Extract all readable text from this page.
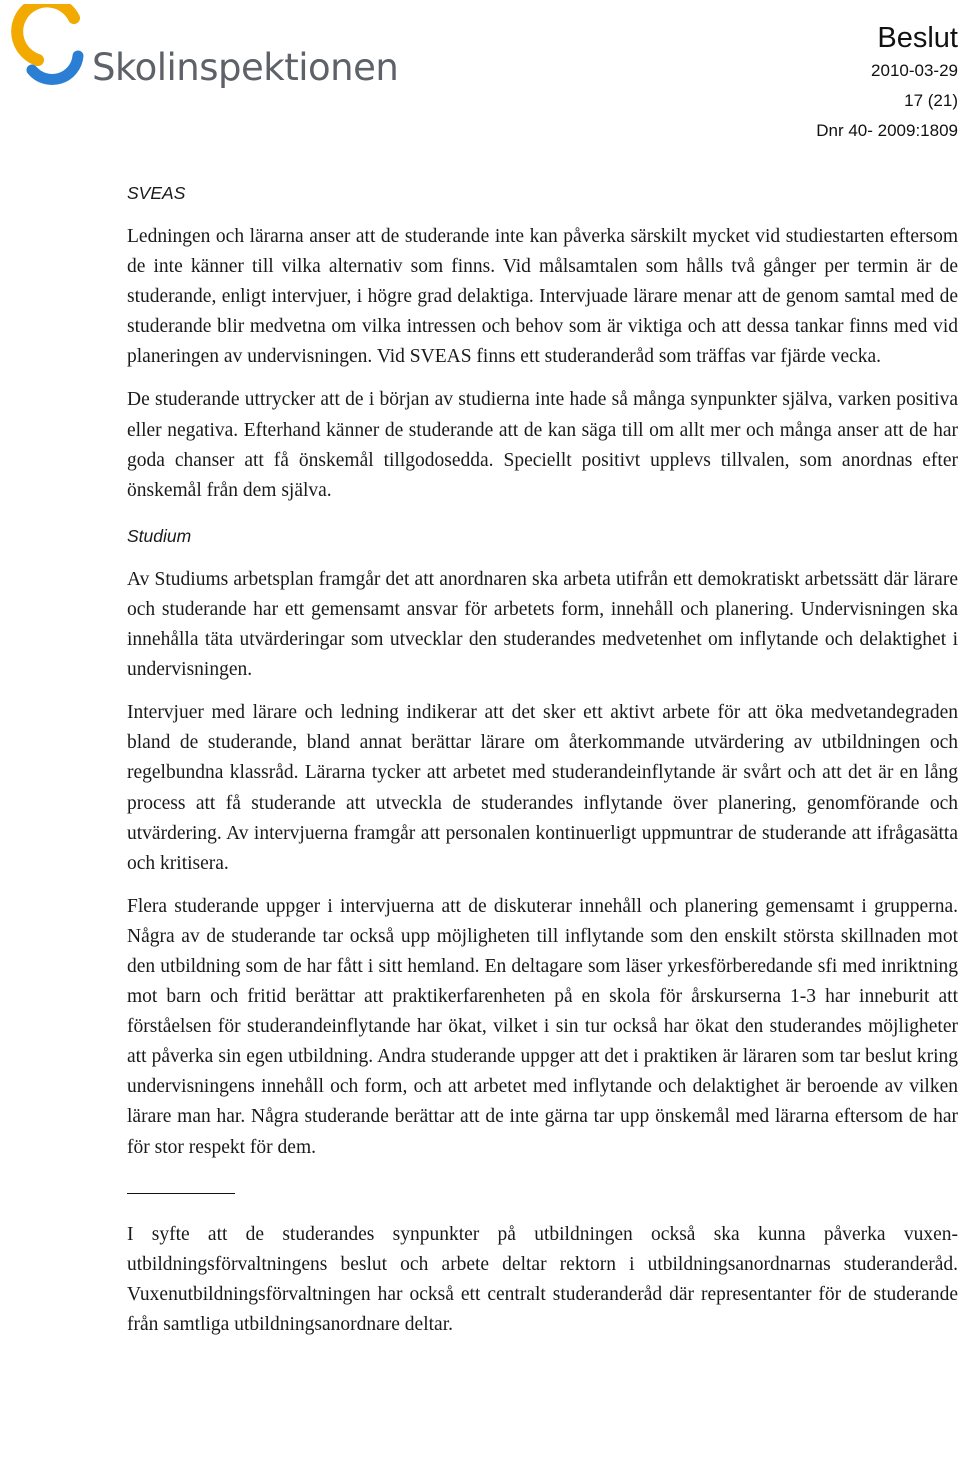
Skolinspektionen
Beslut
2010-03-29
17 (21)
Dnr 40- 2009:1809
SVEAS

Ledningen och lärarna anser att de studerande inte kan påverka särskilt mycket vid studiestarten eftersom de inte känner till vilka alternativ som finns. Vid målsamtalen som hålls två gånger per termin är de studerande, enligt intervjuer, i högre grad delaktiga. Intervjuade lärare menar att de genom samtal med de studerande blir medvetna om vilka intressen och behov som är viktiga och att dessa tankar finns med vid planeringen av undervisningen. Vid SVEAS finns ett studeranderåd som träffas var fjärde vecka.

De studerande uttrycker att de i början av studierna inte hade så många synpunkter själva, varken positiva eller negativa. Efterhand känner de studerande att de kan säga till om allt mer och många anser att de har goda chanser att få önskemål tillgodosedda. Speciellt positivt upplevs tillvalen, som anordnas efter önskemål från dem själva.

Studium

Av Studiums arbetsplan framgår det att anordnaren ska arbeta utifrån ett demokratiskt arbetssätt där lärare och studerande har ett gemensamt ansvar för arbetets form, innehåll och planering. Undervisningen ska innehålla täta utvärderingar som utvecklar den studerandes medvetenhet om inflytande och delaktighet i undervisningen.

Intervjuer med lärare och ledning indikerar att det sker ett aktivt arbete för att öka medvetandegraden bland de studerande, bland annat berättar lärare om återkommande utvärdering av utbildningen och regelbundna klassråd. Lärarna tycker att arbetet med studerandeinflytande är svårt och att det är en lång process att få studerande att utveckla de studerandes inflytande över planering, genomförande och utvärdering. Av intervjuerna framgår att personalen kontinuerligt uppmuntrar de studerande att ifrågasätta och kritisera.

Flera studerande uppger i intervjuerna att de diskuterar innehåll och planering gemensamt i grupperna. Några av de studerande tar också upp möjligheten till inflytande som den enskilt största skillnaden mot den utbildning som de har fått i sitt hemland. En deltagare som läser yrkesförberedande sfi med inriktning mot barn och fritid berättar att praktikerfarenheten på en skola för årskurserna 1-3 har inneburit att förståelsen för studerandeinflytande har ökat, vilket i sin tur också har ökat den studerandes möjligheter att påverka sin egen utbildning. Andra studerande uppger att det i praktiken är läraren som tar beslut kring undervisningens innehåll och form, och att arbetet med inflytande och delaktighet är beroende av vilken lärare man har. Några studerande berättar att de inte gärna tar upp önskemål med lärarna eftersom de har för stor respekt för dem.

I syfte att de studerandes synpunkter på utbildningen också ska kunna påverka vuxenutbildningsförvaltningens beslut och arbete deltar rektorn i utbildningsanordnarnas studeranderåd. Vuxenutbildningsförvaltningen har också ett centralt studeranderåd där representanter för de studerande från samtliga utbildningsanordnare deltar.
